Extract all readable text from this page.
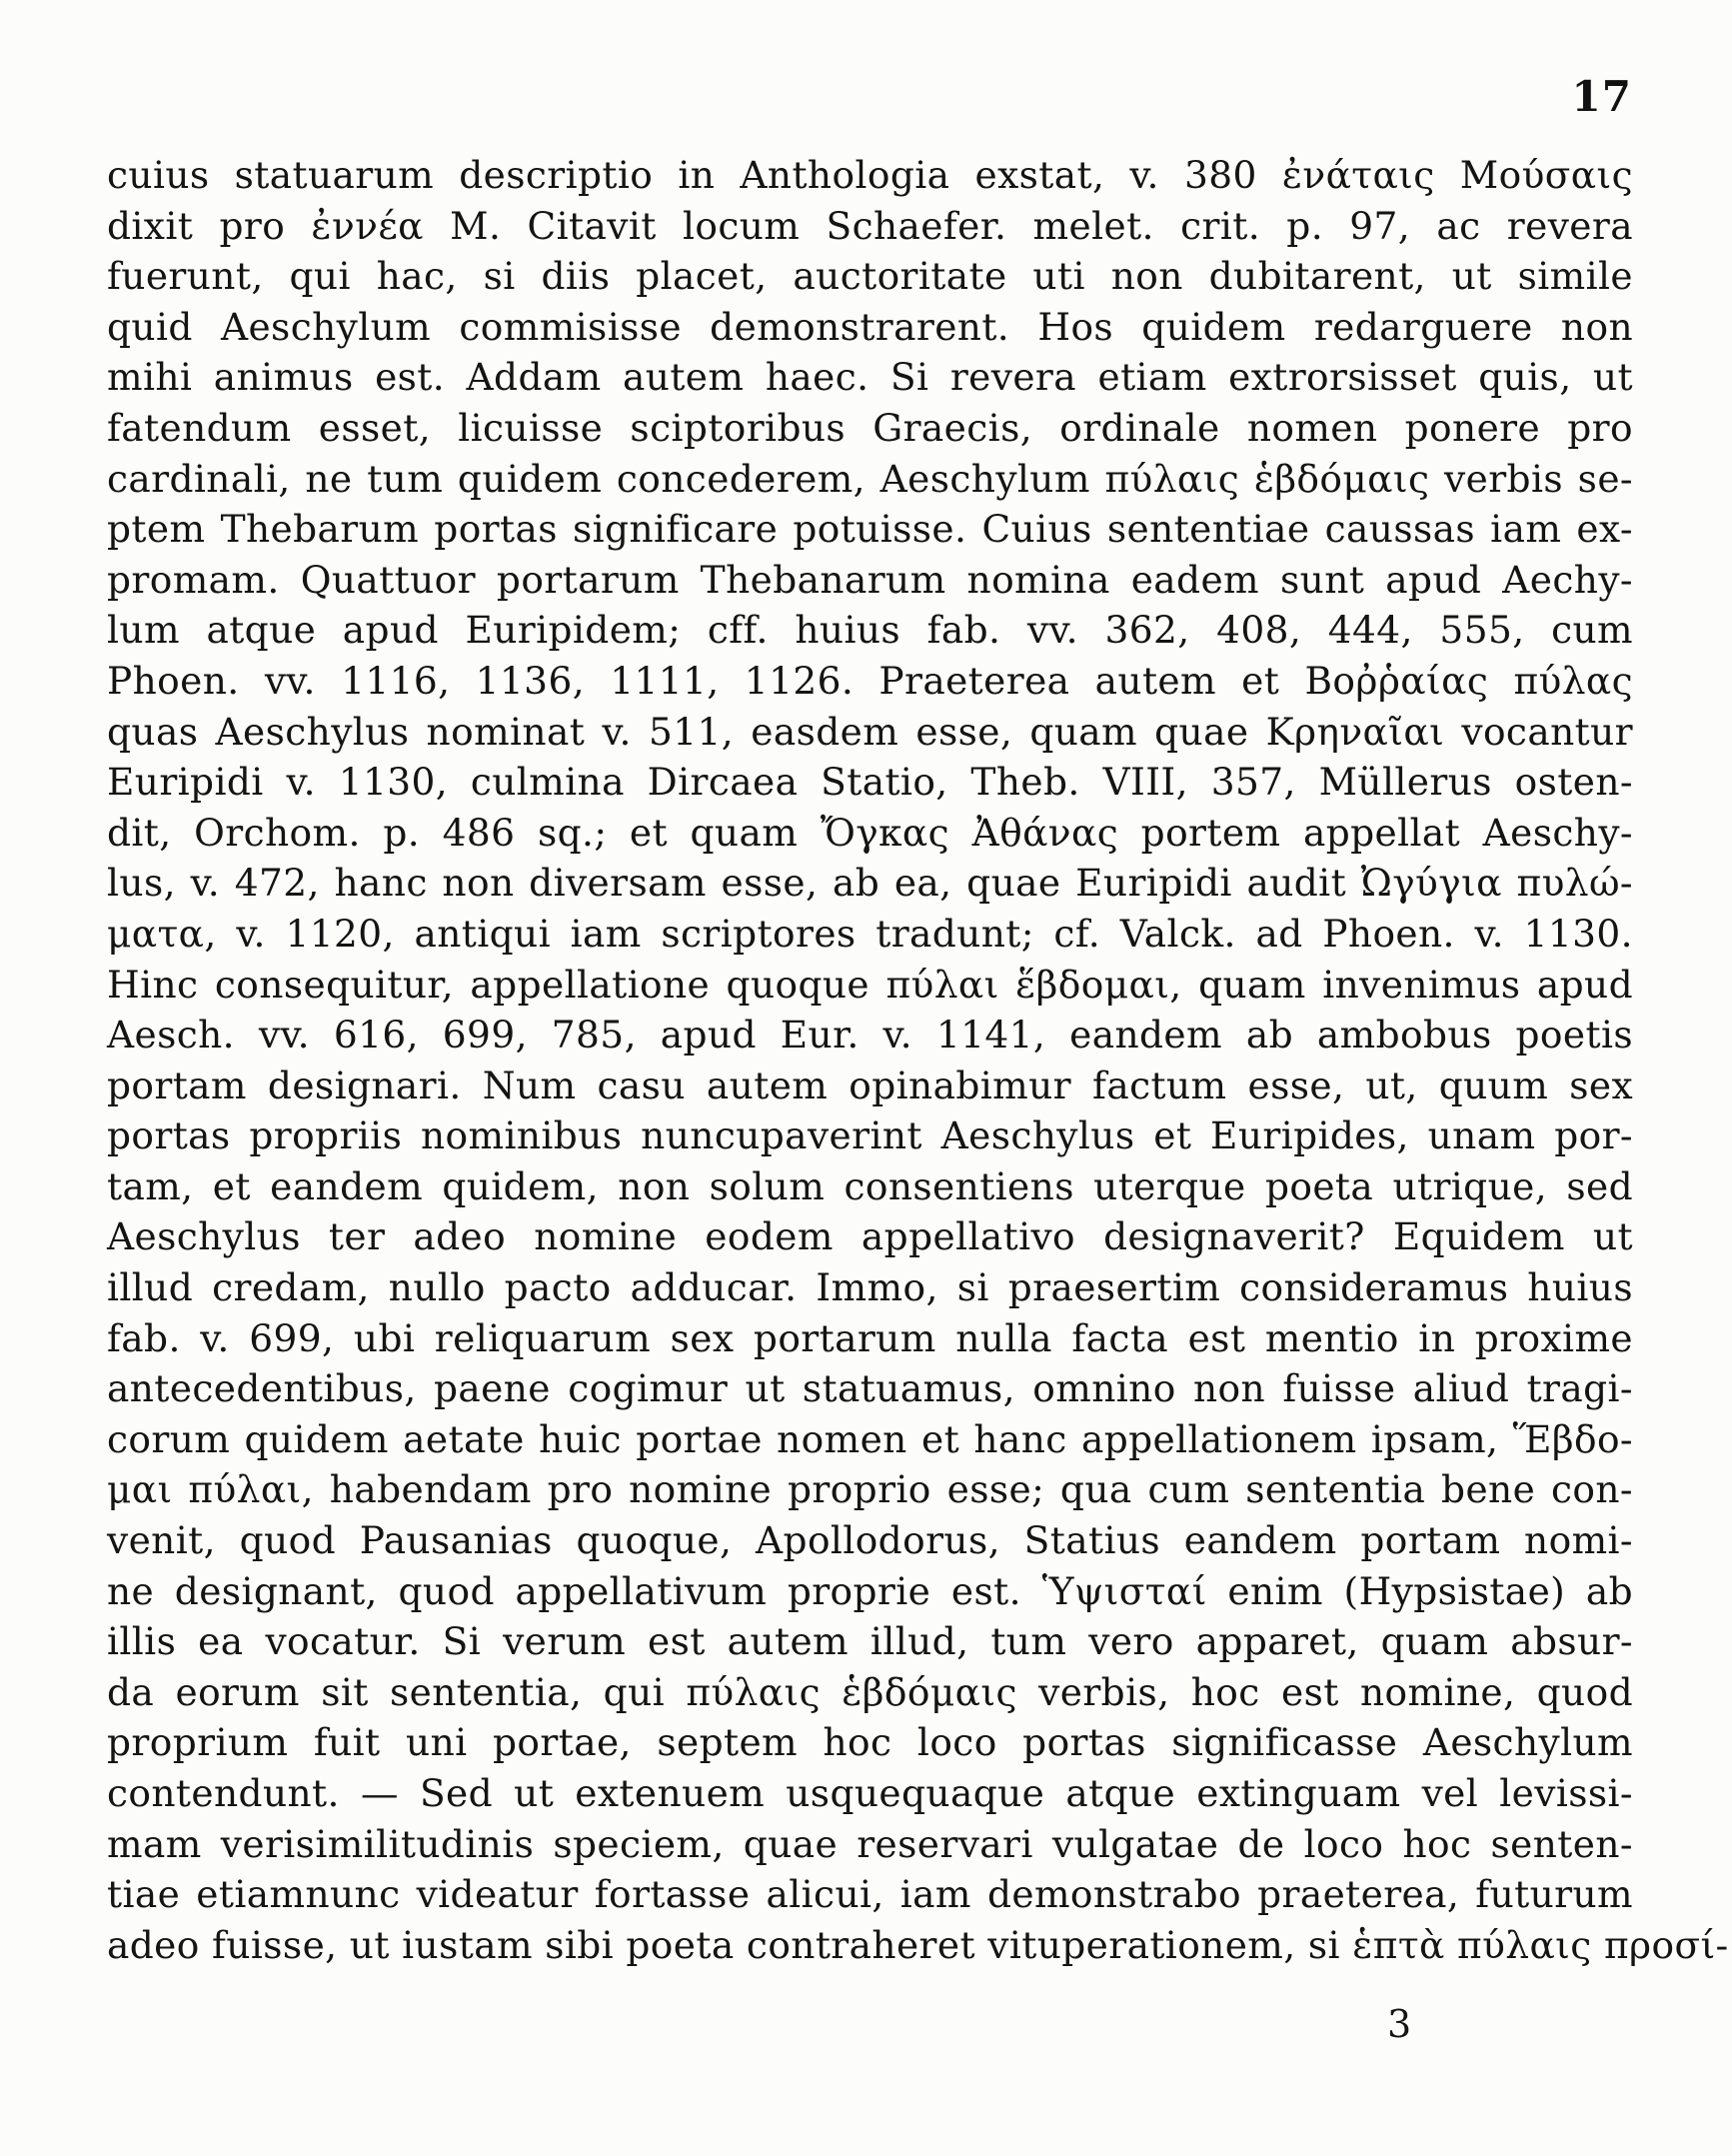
17
cuius statuarum descriptio in Anthologia exstat, v. 380 ἐνάταις Μούσαις
dixit pro ἐννέα Μ. Citavit locum Schaefer. melet. crit. p. 97, ac revera
fuerunt, qui hac, si diis placet, auctoritate uti non dubitarent, ut simile
quid Aeschylum commisisse demonstrarent. Hos quidem redarguere non
mihi animus est. Addam autem haec. Si revera etiam extrorsisset quis, ut
fatendum esset, licuisse sciptoribus Graecis, ordinale nomen ponere pro
cardinali, ne tum quidem concederem, Aeschylum πύλαις ἑβδόμαις verbis se-
ptem Thebarum portas significare potuisse. Cuius sententiae caussas iam ex-
promam. Quattuor portarum Thebanarum nomina eadem sunt apud Aechy-
lum atque apud Euripidem; cff. huius fab. vv. 362, 408, 444, 555, cum
Phoen. vv. 1116, 1136, 1111, 1126. Praeterea autem et Βοῤῥαίας πύλας
quas Aeschylus nominat v. 511, easdem esse, quam quae Κρηναῖαι vocantur
Euripidi v. 1130, culmina Dircaea Statio, Theb. VIII, 357, Müllerus osten-
dit, Orchom. p. 486 sq.; et quam Ὄγκας Ἀθάνας portem appellat Aeschy-
lus, v. 472, hanc non diversam esse, ab ea, quae Euripidi audit Ὠγύγια πυλώ-
ματα, v. 1120, antiqui iam scriptores tradunt; cf. Valck. ad Phoen. v. 1130.
Hinc consequitur, appellatione quoque πύλαι ἕβδομαι, quam invenimus apud
Aesch. vv. 616, 699, 785, apud Eur. v. 1141, eandem ab ambobus poetis
portam designari. Num casu autem opinabimur factum esse, ut, quum sex
portas propriis nominibus nuncupaverint Aeschylus et Euripides, unam por-
tam, et eandem quidem, non solum consentiens uterque poeta utrique, sed
Aeschylus ter adeo nomine eodem appellativo designaverit? Equidem ut
illud credam, nullo pacto adducar. Immo, si praesertim consideramus huius
fab. v. 699, ubi reliquarum sex portarum nulla facta est mentio in proxime
antecedentibus, paene cogimur ut statuamus, omnino non fuisse aliud tragi-
corum quidem aetate huic portae nomen et hanc appellationem ipsam, Ἕβδο-
μαι πύλαι, habendam pro nomine proprio esse; qua cum sententia bene con-
venit, quod Pausanias quoque, Apollodorus, Statius eandem portam nomi-
ne designant, quod appellativum proprie est. Ὑψισταί enim (Hypsistae) ab
illis ea vocatur. Si verum est autem illud, tum vero apparet, quam absur-
da eorum sit sententia, qui πύλαις ἑβδόμαις verbis, hoc est nomine, quod
proprium fuit uni portae, septem hoc loco portas significasse Aeschylum
contendunt. — Sed ut extenuem usquequaque atque extinguam vel levissi-
mam verisimilitudinis speciem, quae reservari vulgatae de loco hoc senten-
tiae etiamnunc videatur fortasse alicui, iam demonstrabo praeterea, futurum
adeo fuisse, ut iustam sibi poeta contraheret vituperationem, si ἑπτὰ πύλαις προσί-
3
